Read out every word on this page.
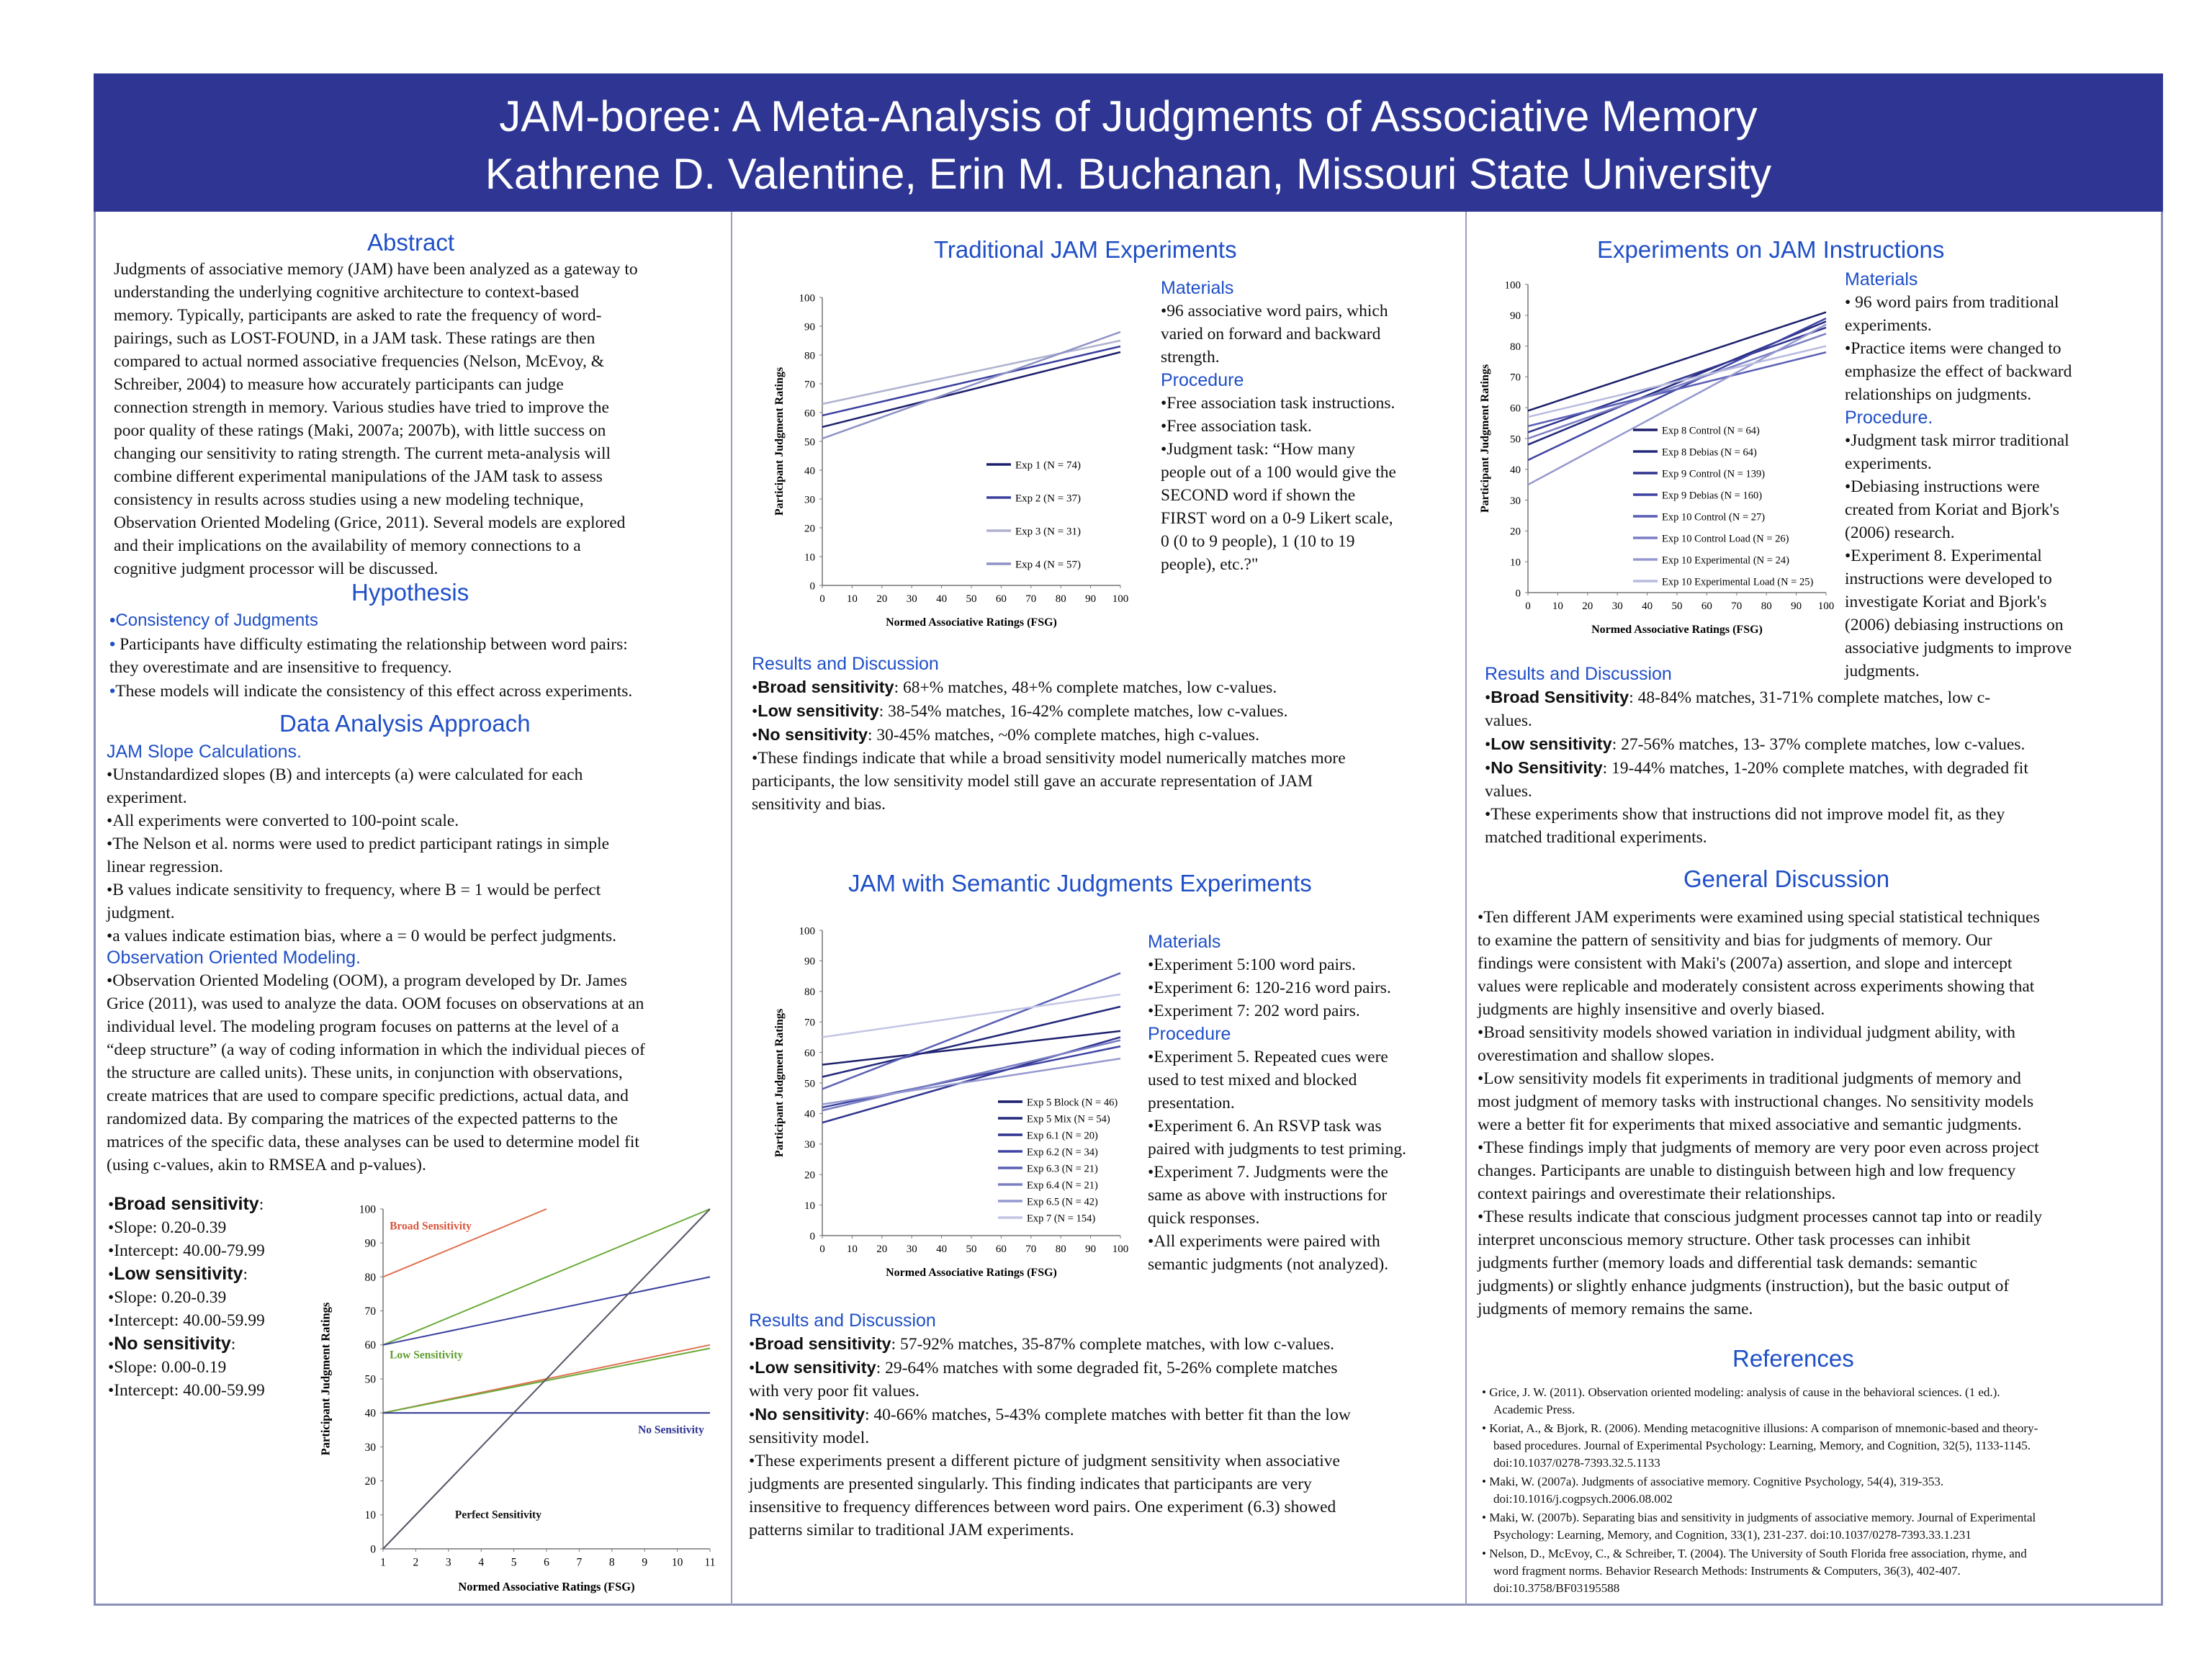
JAM-boree: A Meta-Analysis of Judgments of Associative Memory
Kathrene D. Valentine, Erin M. Buchanan, Missouri State University
Abstract
Judgments of associative memory (JAM) have been analyzed as a gateway to
understanding the underlying cognitive architecture to context-based
memory. Typically, participants are asked to rate the frequency of word-
pairings, such as LOST-FOUND, in a JAM task. These ratings are then
compared to actual normed associative frequencies (Nelson, McEvoy, &
Schreiber, 2004) to measure how accurately participants can judge
connection strength in memory. Various studies have tried to improve the
poor quality of these ratings (Maki, 2007a; 2007b), with little success on
changing our sensitivity to rating strength. The current meta-analysis will
combine different experimental manipulations of the JAM task to assess
consistency in results across studies using a new modeling technique,
Observation Oriented Modeling (Grice, 2011). Several models are explored
and their implications on the availability of memory connections to a
cognitive judgment processor will be discussed.
Hypothesis
•Consistency of Judgments
• Participants have difficulty estimating the relationship between word pairs:
they overestimate and are insensitive to frequency.
•These models will indicate the consistency of this effect across experiments.
Data Analysis Approach
JAM Slope Calculations.
•Unstandardized slopes (B) and intercepts (a) were calculated for each
experiment.
•All experiments were converted to 100-point scale.
•The Nelson et al. norms were used to predict participant ratings in simple
linear regression.
•B values indicate sensitivity to frequency, where B = 1 would be perfect
judgment.
•a values indicate estimation bias, where a = 0 would be perfect judgments.
Observation Oriented Modeling.
•Observation Oriented Modeling (OOM), a program developed by Dr. James
Grice (2011), was used to analyze the data. OOM focuses on observations at an
individual level. The modeling program focuses on patterns at the level of a
“deep structure” (a way of coding information in which the individual pieces of
the structure are called units). These units, in conjunction with observations,
create matrices that are used to compare specific predictions, actual data, and
randomized data. By comparing the matrices of the expected patterns to the
matrices of the specific data, these analyses can be used to determine model fit
(using c-values, akin to RMSEA and p-values).
•Broad sensitivity:
•Slope: 0.20-0.39
•Intercept: 40.00-79.99
•Low sensitivity:
•Slope: 0.20-0.39
•Intercept: 40.00-59.99
•No sensitivity:
•Slope: 0.00-0.19
•Intercept: 40.00-59.99
0
10
20
30
40
50
60
70
80
90
100
1 2 3 4 5 6 7 8 9 10 11
Normed Associative Ratings (FSG)
Participant Judgment Ratings
Broad Sensitivity
Low Sensitivity
No Sensitivity
Perfect Sensitivity
Traditional JAM Experiments
0
10
20
30
40
50
60
70
80
90
100
0 10 20 30 40 50 60 70 80 90 100
Normed Associative Ratings (FSG)
Participant Judgment Ratings	Exp 1 (N = 74)
Exp 2 (N = 37)
Exp 3 (N = 31)
Exp 4 (N = 57)
Materials
•96 associative word pairs, which
varied on forward and backward
strength.
Procedure
•Free association task instructions.
•Free association task.
•Judgment task: “How many
people out of a 100 would give the
SECOND word if shown the
FIRST word on a 0-9 Likert scale,
0 (0 to 9 people), 1 (10 to 19
people), etc.?"
Results and Discussion
•Broad sensitivity: 68+% matches, 48+% complete matches, low c-values.
•Low sensitivity: 38-54% matches, 16-42% complete matches, low c-values.
•No sensitivity: 30-45% matches, ~0% complete matches, high c-values.
•These findings indicate that while a broad sensitivity model numerically matches more
participants, the low sensitivity model still gave an accurate representation of JAM
sensitivity and bias.
JAM with Semantic Judgments Experiments
0
10
20
30
40
50
60
70
80
90
100
0 10 20 30 40 50 60 70 80 90 100
Normed Associative Ratings (FSG)
Participant Judgment Ratings	Exp 5 Block (N = 46)
Exp 5 Mix (N = 54)
Exp 6.1 (N = 20)
Exp 6.2 (N = 34)
Exp 6.3 (N = 21)
Exp 6.4 (N = 21)
Exp 6.5 (N = 42)
Exp 7 (N = 154)
Materials
•Experiment 5:100 word pairs.
•Experiment 6: 120-216 word pairs.
•Experiment 7: 202 word pairs.
Procedure
•Experiment 5. Repeated cues were
used to test mixed and blocked
presentation.
•Experiment 6. An RSVP task was
paired with judgments to test priming.
•Experiment 7. Judgments were the
same as above with instructions for
quick responses.
•All experiments were paired with
semantic judgments (not analyzed).
Results and Discussion
•Broad sensitivity: 57-92% matches, 35-87% complete matches, with low c-values.
•Low sensitivity: 29-64% matches with some degraded fit, 5-26% complete matches
with very poor fit values.
•No sensitivity: 40-66% matches, 5-43% complete matches with better fit than the low
sensitivity model.
•These experiments present a different picture of judgment sensitivity when associative
judgments are presented singularly. This finding indicates that participants are very
insensitive to frequency differences between word pairs. One experiment (6.3) showed
patterns similar to traditional JAM experiments.
Experiments on JAM Instructions
0
10
20
30
40
50
60
70
80
90
100
0 10 20 30 40 50 60 70 80 90 100
Normed Associative Ratings (FSG)
Participant Judgment Ratings	Exp 8 Control (N = 64)
Exp 8 Debias (N = 64)
Exp 9 Control (N = 139)
Exp 9 Debias (N = 160)
Exp 10 Control (N = 27)
Exp 10 Control Load (N = 26)
Exp 10 Experimental (N = 24)
Exp 10 Experimental Load (N = 25)
Materials
• 96 word pairs from traditional
experiments.
•Practice items were changed to
emphasize the effect of backward
relationships on judgments.
Procedure.
•Judgment task mirror traditional
experiments.
•Debiasing instructions were
created from Koriat and Bjork's
(2006) research.
•Experiment 8. Experimental
instructions were developed to
investigate Koriat and Bjork's
(2006) debiasing instructions on
associative judgments to improve
judgments.
Results and Discussion
•Broad Sensitivity: 48-84% matches, 31-71% complete matches, low c-
values.
•Low sensitivity: 27-56% matches, 13- 37% complete matches, low c-values.
•No Sensitivity: 19-44% matches, 1-20% complete matches, with degraded fit
values.
•These experiments show that instructions did not improve model fit, as they
matched traditional experiments.
General Discussion
•Ten different JAM experiments were examined using special statistical techniques
to examine the pattern of sensitivity and bias for judgments of memory. Our
findings were consistent with Maki's (2007a) assertion, and slope and intercept
values were replicable and moderately consistent across experiments showing that
judgments are highly insensitive and overly biased.
•Broad sensitivity models showed variation in individual judgment ability, with
overestimation and shallow slopes.
•Low sensitivity models fit experiments in traditional judgments of memory and
most judgment of memory tasks with instructional changes. No sensitivity models
were a better fit for experiments that mixed associative and semantic judgments.
•These findings imply that judgments of memory are very poor even across project
changes. Participants are unable to distinguish between high and low frequency
context pairings and overestimate their relationships.
•These results indicate that conscious judgment processes cannot tap into or readily
interpret unconscious memory structure. Other task processes can inhibit
judgments further (memory loads and differential task demands: semantic
judgments) or slightly enhance judgments (instruction), but the basic output of
judgments of memory remains the same.
References
• Grice, J. W. (2011). Observation oriented modeling: analysis of cause in the behavioral sciences. (1 ed.).
Academic Press.
• Koriat, A., & Bjork, R. (2006). Mending metacognitive illusions: A comparison of mnemonic-based and theory-
based procedures. Journal of Experimental Psychology: Learning, Memory, and Cognition, 32(5), 1133-1145.
doi:10.1037/0278-7393.32.5.1133
• Maki, W. (2007a). Judgments of associative memory. Cognitive Psychology, 54(4), 319-353.
doi:10.1016/j.cogpsych.2006.08.002
• Maki, W. (2007b). Separating bias and sensitivity in judgments of associative memory. Journal of Experimental
Psychology: Learning, Memory, and Cognition, 33(1), 231-237. doi:10.1037/0278-7393.33.1.231
• Nelson, D., McEvoy, C., & Schreiber, T. (2004). The University of South Florida free association, rhyme, and
word fragment norms. Behavior Research Methods: Instruments & Computers, 36(3), 402-407.
doi:10.3758/BF03195588
